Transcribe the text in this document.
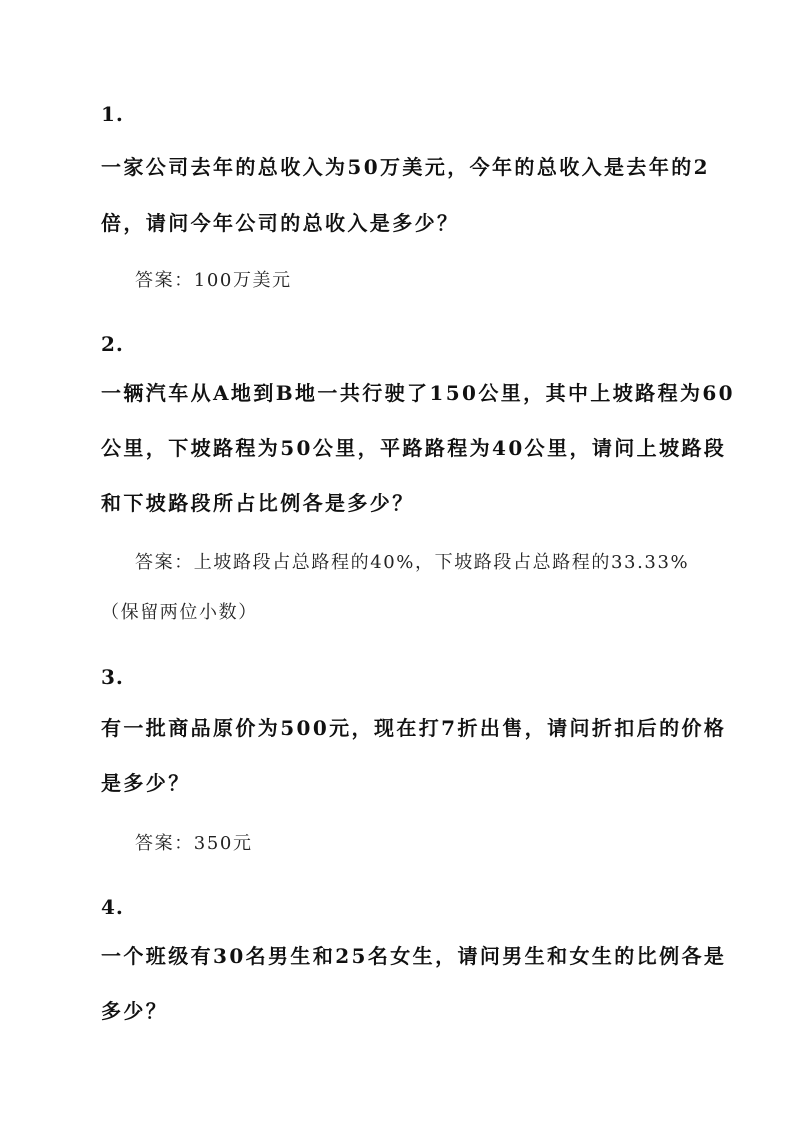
1.
一家公司去年的总收入为50万美元，今年的总收入是去年的2
倍，请问今年公司的总收入是多少？
答案：100万美元
2.
一辆汽车从A地到B地一共行驶了150公里，其中上坡路程为60
公里，下坡路程为50公里，平路路程为40公里，请问上坡路段
和下坡路段所占比例各是多少？
答案：上坡路段占总路程的40%，下坡路段占总路程的33.33%
（保留两位小数）
3.
有一批商品原价为500元，现在打7折出售，请问折扣后的价格
是多少？
答案：350元
4.
一个班级有30名男生和25名女生，请问男生和女生的比例各是
多少？
